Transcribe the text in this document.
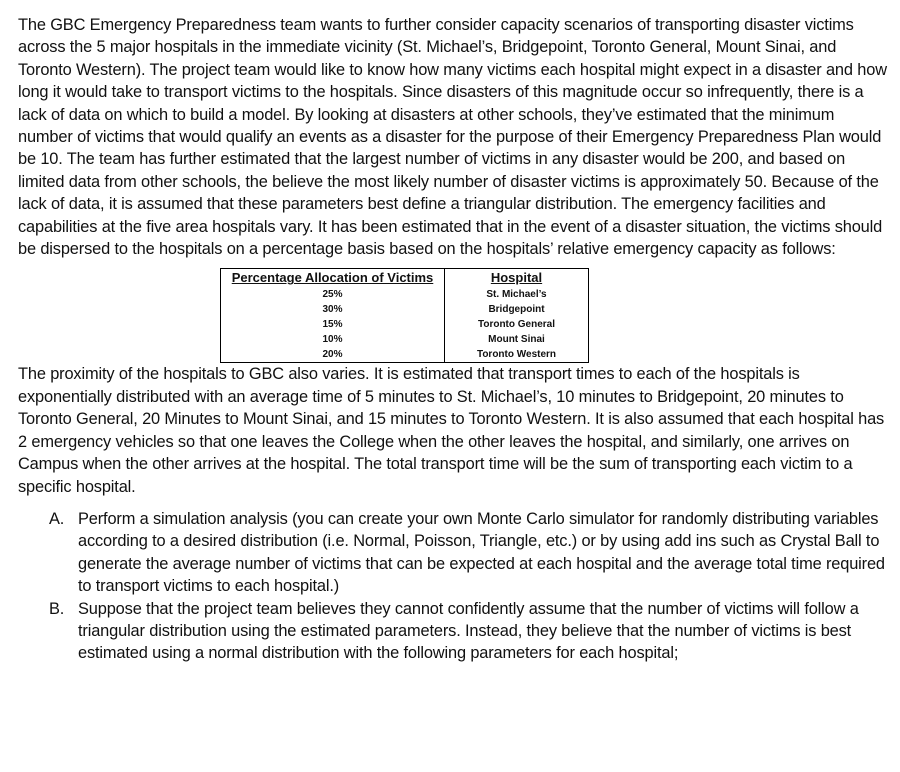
The GBC Emergency Preparedness team wants to further consider capacity scenarios of transporting disaster victims across the 5 major hospitals in the immediate vicinity (St. Michael’s, Bridgepoint, Toronto General, Mount Sinai, and Toronto Western). The project team would like to know how many victims each hospital might expect in a disaster and how long it would take to transport victims to the hospitals. Since disasters of this magnitude occur so infrequently, there is a lack of data on which to build a model. By looking at disasters at other schools, they’ve estimated that the minimum number of victims that would qualify an events as a disaster for the purpose of their Emergency Preparedness Plan would be 10. The team has further estimated that the largest number of victims in any disaster would be 200, and based on limited data from other schools, the believe the most likely number of disaster victims is approximately 50. Because of the lack of data, it is assumed that these parameters best define a triangular distribution. The emergency facilities and capabilities at the five area hospitals vary. It has been estimated that in the event of a disaster situation, the victims should be dispersed to the hospitals on a percentage basis based on the hospitals’ relative emergency capacity as follows:

Percentage Allocation of Victims	Hospital
25%	St. Michael’s
30%	Bridgepoint
15%	Toronto General
10%	Mount Sinai
20%	Toronto Western

The proximity of the hospitals to GBC also varies. It is estimated that transport times to each of the hospitals is exponentially distributed with an average time of 5 minutes to St. Michael’s, 10 minutes to Bridgepoint, 20 minutes to Toronto General, 20 Minutes to Mount Sinai, and 15 minutes to Toronto Western. It is also assumed that each hospital has 2 emergency vehicles so that one leaves the College when the other leaves the hospital, and similarly, one arrives on Campus when the other arrives at the hospital. The total transport time will be the sum of transporting each victim to a specific hospital.

A. Perform a simulation analysis (you can create your own Monte Carlo simulator for randomly distributing variables according to a desired distribution (i.e. Normal, Poisson, Triangle, etc.) or by using add ins such as Crystal Ball to generate the average number of victims that can be expected at each hospital and the average total time required to transport victims to each hospital.)
B. Suppose that the project team believes they cannot confidently assume that the number of victims will follow a triangular distribution using the estimated parameters. Instead, they believe that the number of victims is best estimated using a normal distribution with the following parameters for each hospital;
